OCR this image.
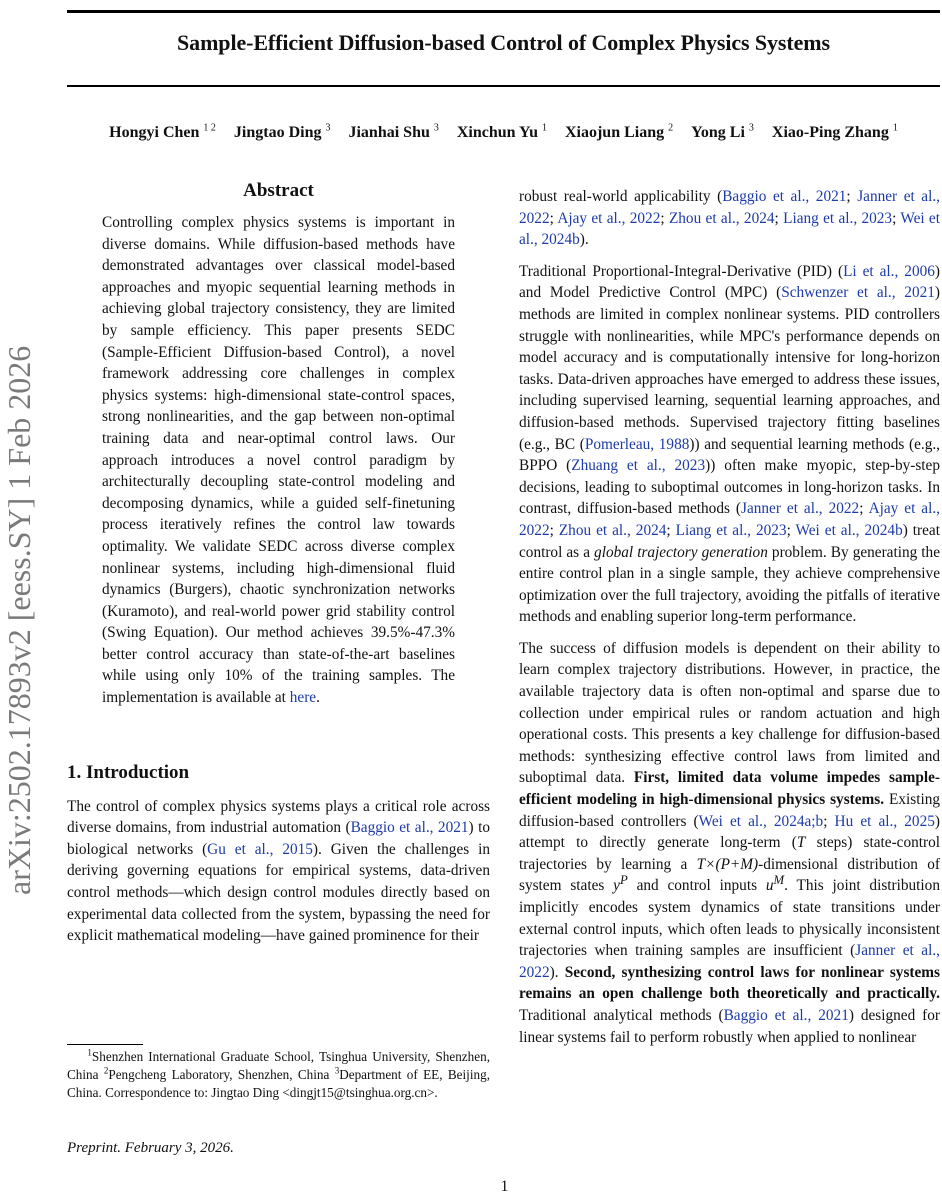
Sample-Efficient Diffusion-based Control of Complex Physics Systems
Hongyi Chen $^{1 2}$ Jingtao Ding $^3$ Jianhai Shu $^3$ Xinchun Yu $^1$ Xiaojun Liang $^2$ Yong Li $^3$ Xiao-Ping Zhang $^1$
arXiv:2502.17893v2 [eess.SY] 1 Feb 2026
Abstract

Controlling complex physics systems is important in diverse domains. While diffusion-based methods have demonstrated advantages over classical model-based approaches and myopic sequential learning methods in achieving global trajectory consistency, they are limited by sample efficiency. This paper presents SEDC (Sample-Efficient Diffusion-based Control), a novel framework addressing core challenges in complex physics systems: high-dimensional state-control spaces, strong nonlinearities, and the gap between non-optimal training data and near-optimal control laws. Our approach introduces a novel control paradigm by architecturally decoupling state-control modeling and decomposing dynamics, while a guided self-finetuning process iteratively refines the control law towards optimality. We validate SEDC across diverse complex nonlinear systems, including high-dimensional fluid dynamics (Burgers), chaotic synchronization networks (Kuramoto), and real-world power grid stability control (Swing Equation). Our method achieves 39.5%-47.3% better control accuracy than state-of-the-art baselines while using only 10% of the training samples. The implementation is available at here.

1. Introduction

The control of complex physics systems plays a critical role across diverse domains, from industrial automation (Baggio et al., 2021) to biological networks (Gu et al., 2015). Given the challenges in deriving governing equations for empirical systems, data-driven control methods—which design control modules directly based on experimental data collected from the system, bypassing the need for explicit mathematical modeling—have gained prominence for their

$^1$Shenzhen International Graduate School, Tsinghua University, Shenzhen, China $^2$Pengcheng Laboratory, Shenzhen, China $^3$Department of EE, Beijing, China. Correspondence to: Jingtao Ding <dingjt15@tsinghua.org.cn>.

Preprint. February 3, 2026.

robust real-world applicability (Baggio et al., 2021; Janner et al., 2022; Ajay et al., 2022; Zhou et al., 2024; Liang et al., 2023; Wei et al., 2024b).

Traditional Proportional-Integral-Derivative (PID) (Li et al., 2006) and Model Predictive Control (MPC) (Schwenzer et al., 2021) methods are limited in complex nonlinear systems. PID controllers struggle with nonlinearities, while MPC's performance depends on model accuracy and is computationally intensive for long-horizon tasks. Data-driven approaches have emerged to address these issues, including supervised learning, sequential learning approaches, and diffusion-based methods. Supervised trajectory fitting baselines (e.g., BC (Pomerleau, 1988)) and sequential learning methods (e.g., BPPO (Zhuang et al., 2023)) often make myopic, step-by-step decisions, leading to suboptimal outcomes in long-horizon tasks. In contrast, diffusion-based methods (Janner et al., 2022; Ajay et al., 2022; Zhou et al., 2024; Liang et al., 2023; Wei et al., 2024b) treat control as a global trajectory generation problem. By generating the entire control plan in a single sample, they achieve comprehensive optimization over the full trajectory, avoiding the pitfalls of iterative methods and enabling superior long-term performance.

The success of diffusion models is dependent on their ability to learn complex trajectory distributions. However, in practice, the available trajectory data is often non-optimal and sparse due to collection under empirical rules or random actuation and high operational costs. This presents a key challenge for diffusion-based methods: synthesizing effective control laws from limited and suboptimal data. First, limited data volume impedes sample-efficient modeling in high-dimensional physics systems. Existing diffusion-based controllers (Wei et al., 2024a;b; Hu et al., 2025) attempt to directly generate long-term (T steps) state-control trajectories by learning a T×(P+M)-dimensional distribution of system states $y^P$ and control inputs $u^M$. This joint distribution implicitly encodes system dynamics of state transitions under external control inputs, which often leads to physically inconsistent trajectories when training samples are insufficient (Janner et al., 2022). Second, synthesizing control laws for nonlinear systems remains an open challenge both theoretically and practically. Traditional analytical methods (Baggio et al., 2021) designed for linear systems fail to perform robustly when applied to nonlinear

1
